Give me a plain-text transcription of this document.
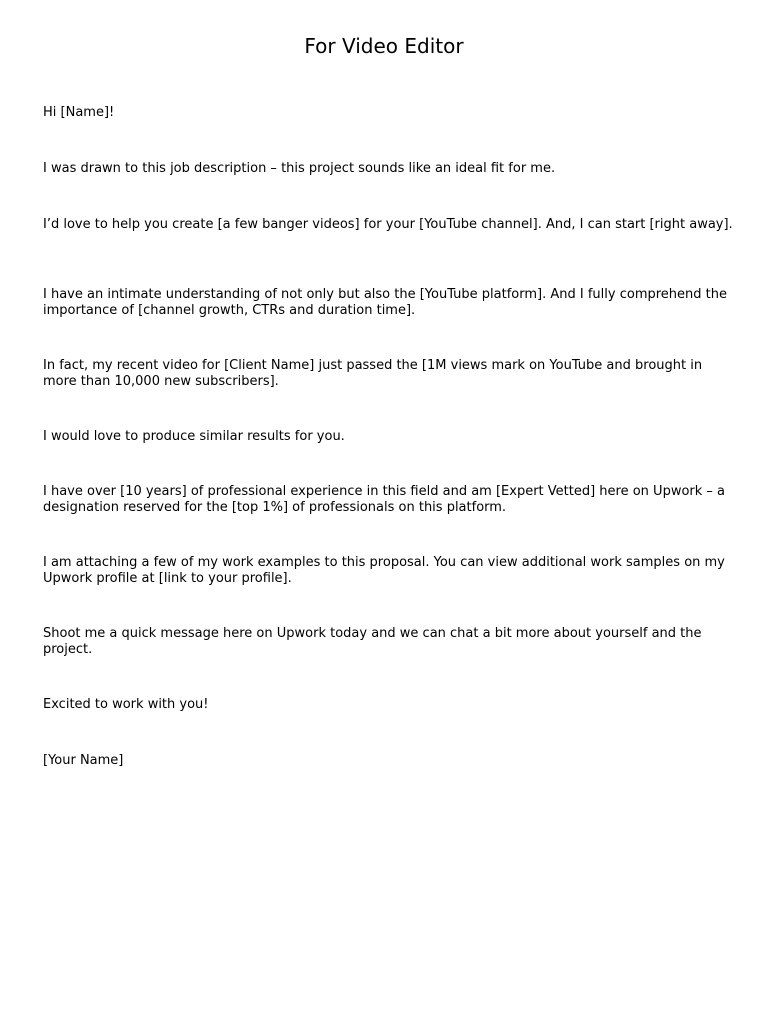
For Video Editor

Hi [Name]!

I was drawn to this job description – this project sounds like an ideal fit for me.

I’d love to help you create [a few banger videos] for your [YouTube channel]. And, I can start [right away].

I have an intimate understanding of not only but also the [YouTube platform]. And I fully comprehend the importance of [channel growth, CTRs and duration time].

In fact, my recent video for [Client Name] just passed the [1M views mark on YouTube and brought in more than 10,000 new subscribers].

I would love to produce similar results for you.

I have over [10 years] of professional experience in this field and am [Expert Vetted] here on Upwork – a designation reserved for the [top 1%] of professionals on this platform.

I am attaching a few of my work examples to this proposal. You can view additional work samples on my Upwork profile at [link to your profile].

Shoot me a quick message here on Upwork today and we can chat a bit more about yourself and the project.

Excited to work with you!

[Your Name]
